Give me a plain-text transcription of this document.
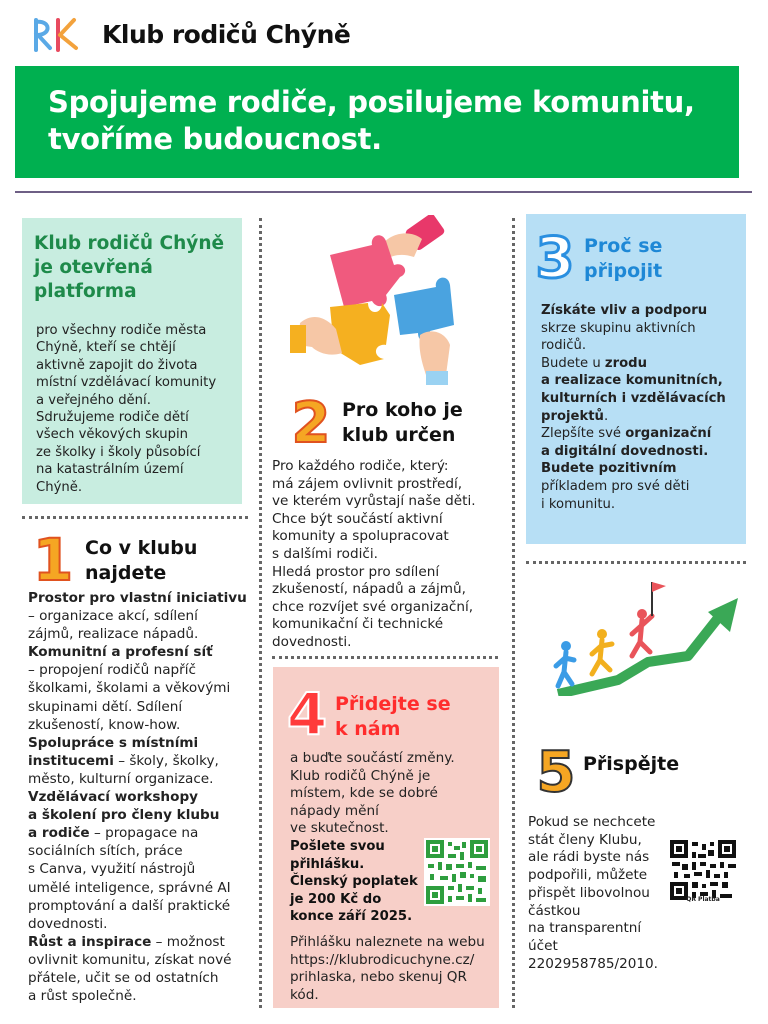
Klub rodičů Chýně
Spojujeme rodiče, posilujeme komunitu,
tvoříme budoucnost.
Klub rodičů Chýně
je otevřená
platforma
pro všechny rodiče města
Chýně, kteří se chtějí
aktivně zapojit do života
místní vzdělávací komunity
a veřejného dění.
Sdružujeme rodiče dětí
všech věkových skupin
ze školky i školy působící
na katastrálním území
Chýně.
1 Co v klubu
najdete
Prostor pro vlastní iniciativu
– organizace akcí, sdílení
zájmů, realizace nápadů.
Komunitní a profesní síť
– propojení rodičů napříč
školkami, školami a věkovými
skupinami dětí. Sdílení
zkušeností, know-how.
Spolupráce s místními
institucemi – školy, školky,
město, kulturní organizace.
Vzdělávací workshopy
a školení pro členy klubu
a rodiče – propagace na
sociálních sítích, práce
s Canva, využití nástrojů
umělé inteligence, správné AI
promptování a další praktické
dovednosti.
Růst a inspirace – možnost
ovlivnit komunitu, získat nové
přátele, učit se od ostatních
a růst společně.
2 Pro koho je
klub určen
Pro každého rodiče, který:
má zájem ovlivnit prostředí,
ve kterém vyrůstají naše děti.
Chce být součástí aktivní
komunity a spolupracovat
s dalšími rodiči.
Hledá prostor pro sdílení
zkušeností, nápadů a zájmů,
chce rozvíjet své organizační,
komunikační či technické
dovednosti.
4 Přidejte se
k nám
a buďte součástí změny.
Klub rodičů Chýně je
místem, kde se dobré
nápady mění
ve skutečnost.
Pošlete svou
přihlášku.
Členský poplatek
je 200 Kč do
konce září 2025.
Přihlášku naleznete na webu
https://klubrodicuchyne.cz/
prihlaska, nebo skenuj QR
kód.
3 Proč se
připojit
Získáte vliv a podporu
skrze skupinu aktivních
rodičů.
Budete u zrodu
a realizace komunitních,
kulturních i vzdělávacích
projektů.
Zlepšíte své organizační
a digitální dovednosti.
Budete pozitivním
příkladem pro své děti
i komunitu.
5 Přispějte
Pokud se nechcete
stát členy Klubu,
ale rádi byste nás
podpořili, můžete
přispět libovolnou
částkou
na transparentní
účet
2202958785/2010.
QR Platba
